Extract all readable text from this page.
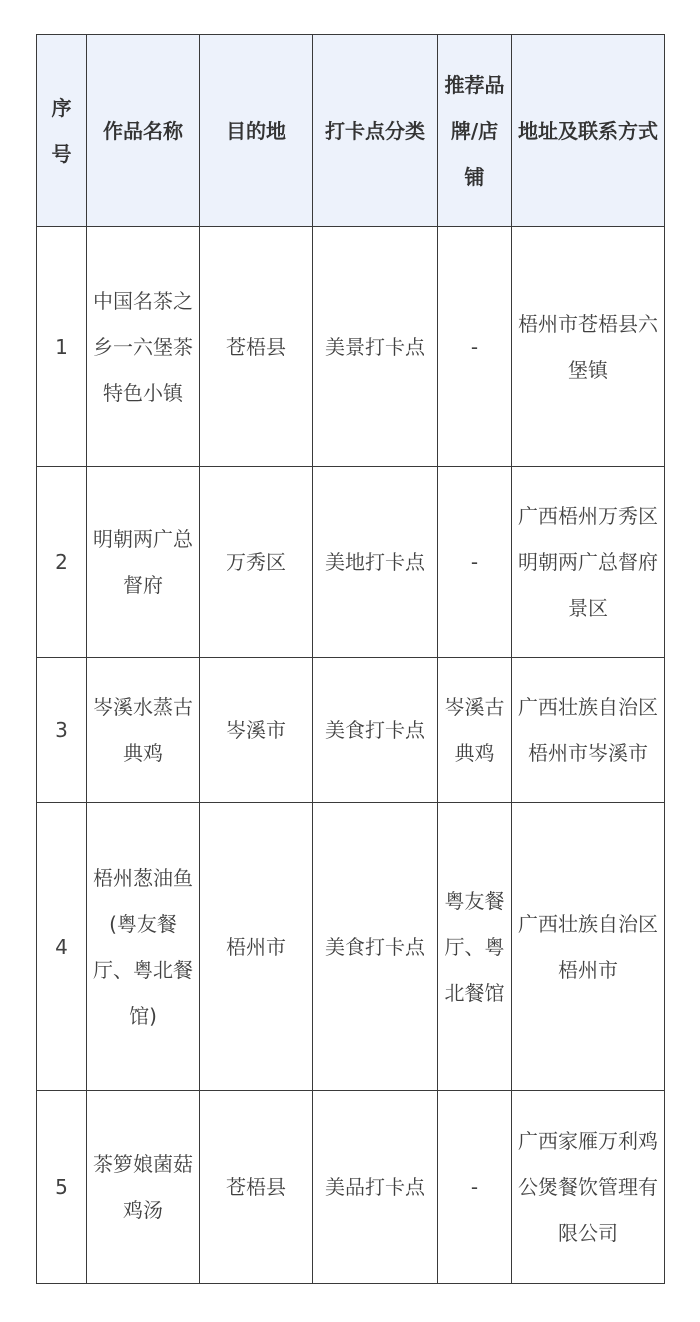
序号	作品名称	目的地	打卡点分类	推荐品牌/店铺	地址及联系方式
1	中国名茶之乡一六堡茶特色小镇	苍梧县	美景打卡点	-	梧州市苍梧县六堡镇
2	明朝两广总督府	万秀区	美地打卡点	-	广西梧州万秀区明朝两广总督府景区
3	岑溪水蒸古典鸡	岑溪市	美食打卡点	岑溪古典鸡	广西壮族自治区梧州市岑溪市
4	梧州葱油鱼(粤友餐厅、粤北餐馆)	梧州市	美食打卡点	粤友餐厅、粤北餐馆	广西壮族自治区梧州市
5	茶箩娘菌菇鸡汤	苍梧县	美品打卡点	-	广西家雁万利鸡公煲餐饮管理有限公司
